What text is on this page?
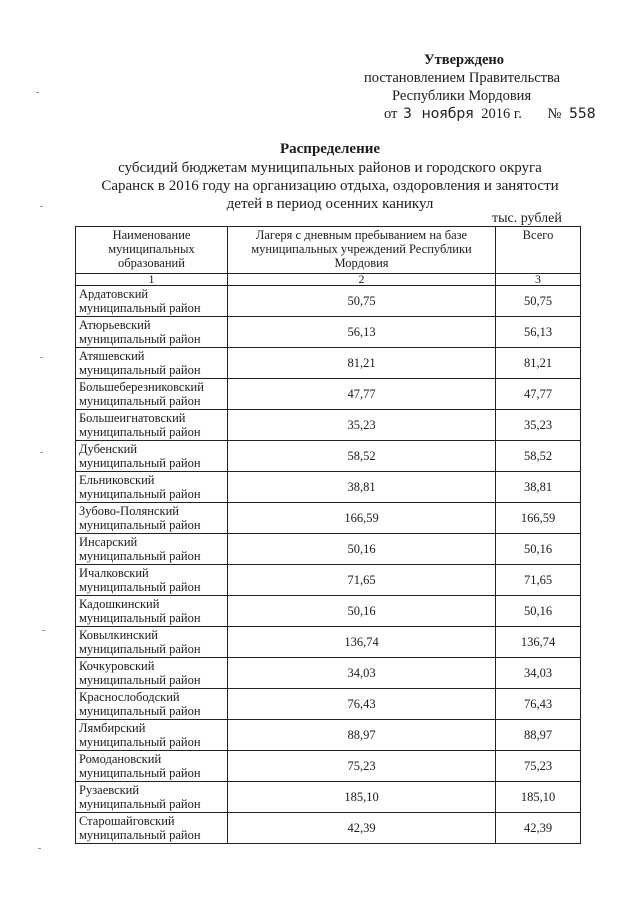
Утверждено
постановлением Правительства
Республики Мордовия
от 3 ноября 2016 г. № 558
Распределение
субсидий бюджетам муниципальных районов и городского округа
Саранск в 2016 году на организацию отдыха, оздоровления и занятости
детей в период осенних каникул
тыс. рублей
Наименование муниципальных образований	Лагеря с дневным пребыванием на базе муниципальных учреждений Республики Мордовия	Всего
1	2	3

Ардатовский
муниципальный район	50,75	50,75

Атюрьевский
муниципальный район	56,13	56,13

Атяшевский
муниципальный район	81,21	81,21

Большеберезниковский
муниципальный район	47,77	47,77

Большеигнатовский
муниципальный район	35,23	35,23

Дубенский
муниципальный район	58,52	58,52

Ельниковский
муниципальный район	38,81	38,81

Зубово-Полянский
муниципальный район	166,59	166,59

Инсарский
муниципальный район	50,16	50,16

Ичалковский
муниципальный район	71,65	71,65

Кадошкинский
муниципальный район	50,16	50,16

Ковылкинский
муниципальный район	136,74	136,74

Кочкуровский
муниципальный район	34,03	34,03

Краснослободский
муниципальный район	76,43	76,43

Лямбирский
муниципальный район	88,97	88,97

Ромодановский
муниципальный район	75,23	75,23

Рузаевский
муниципальный район	185,10	185,10

Старошайговский
муниципальный район	42,39	42,39
